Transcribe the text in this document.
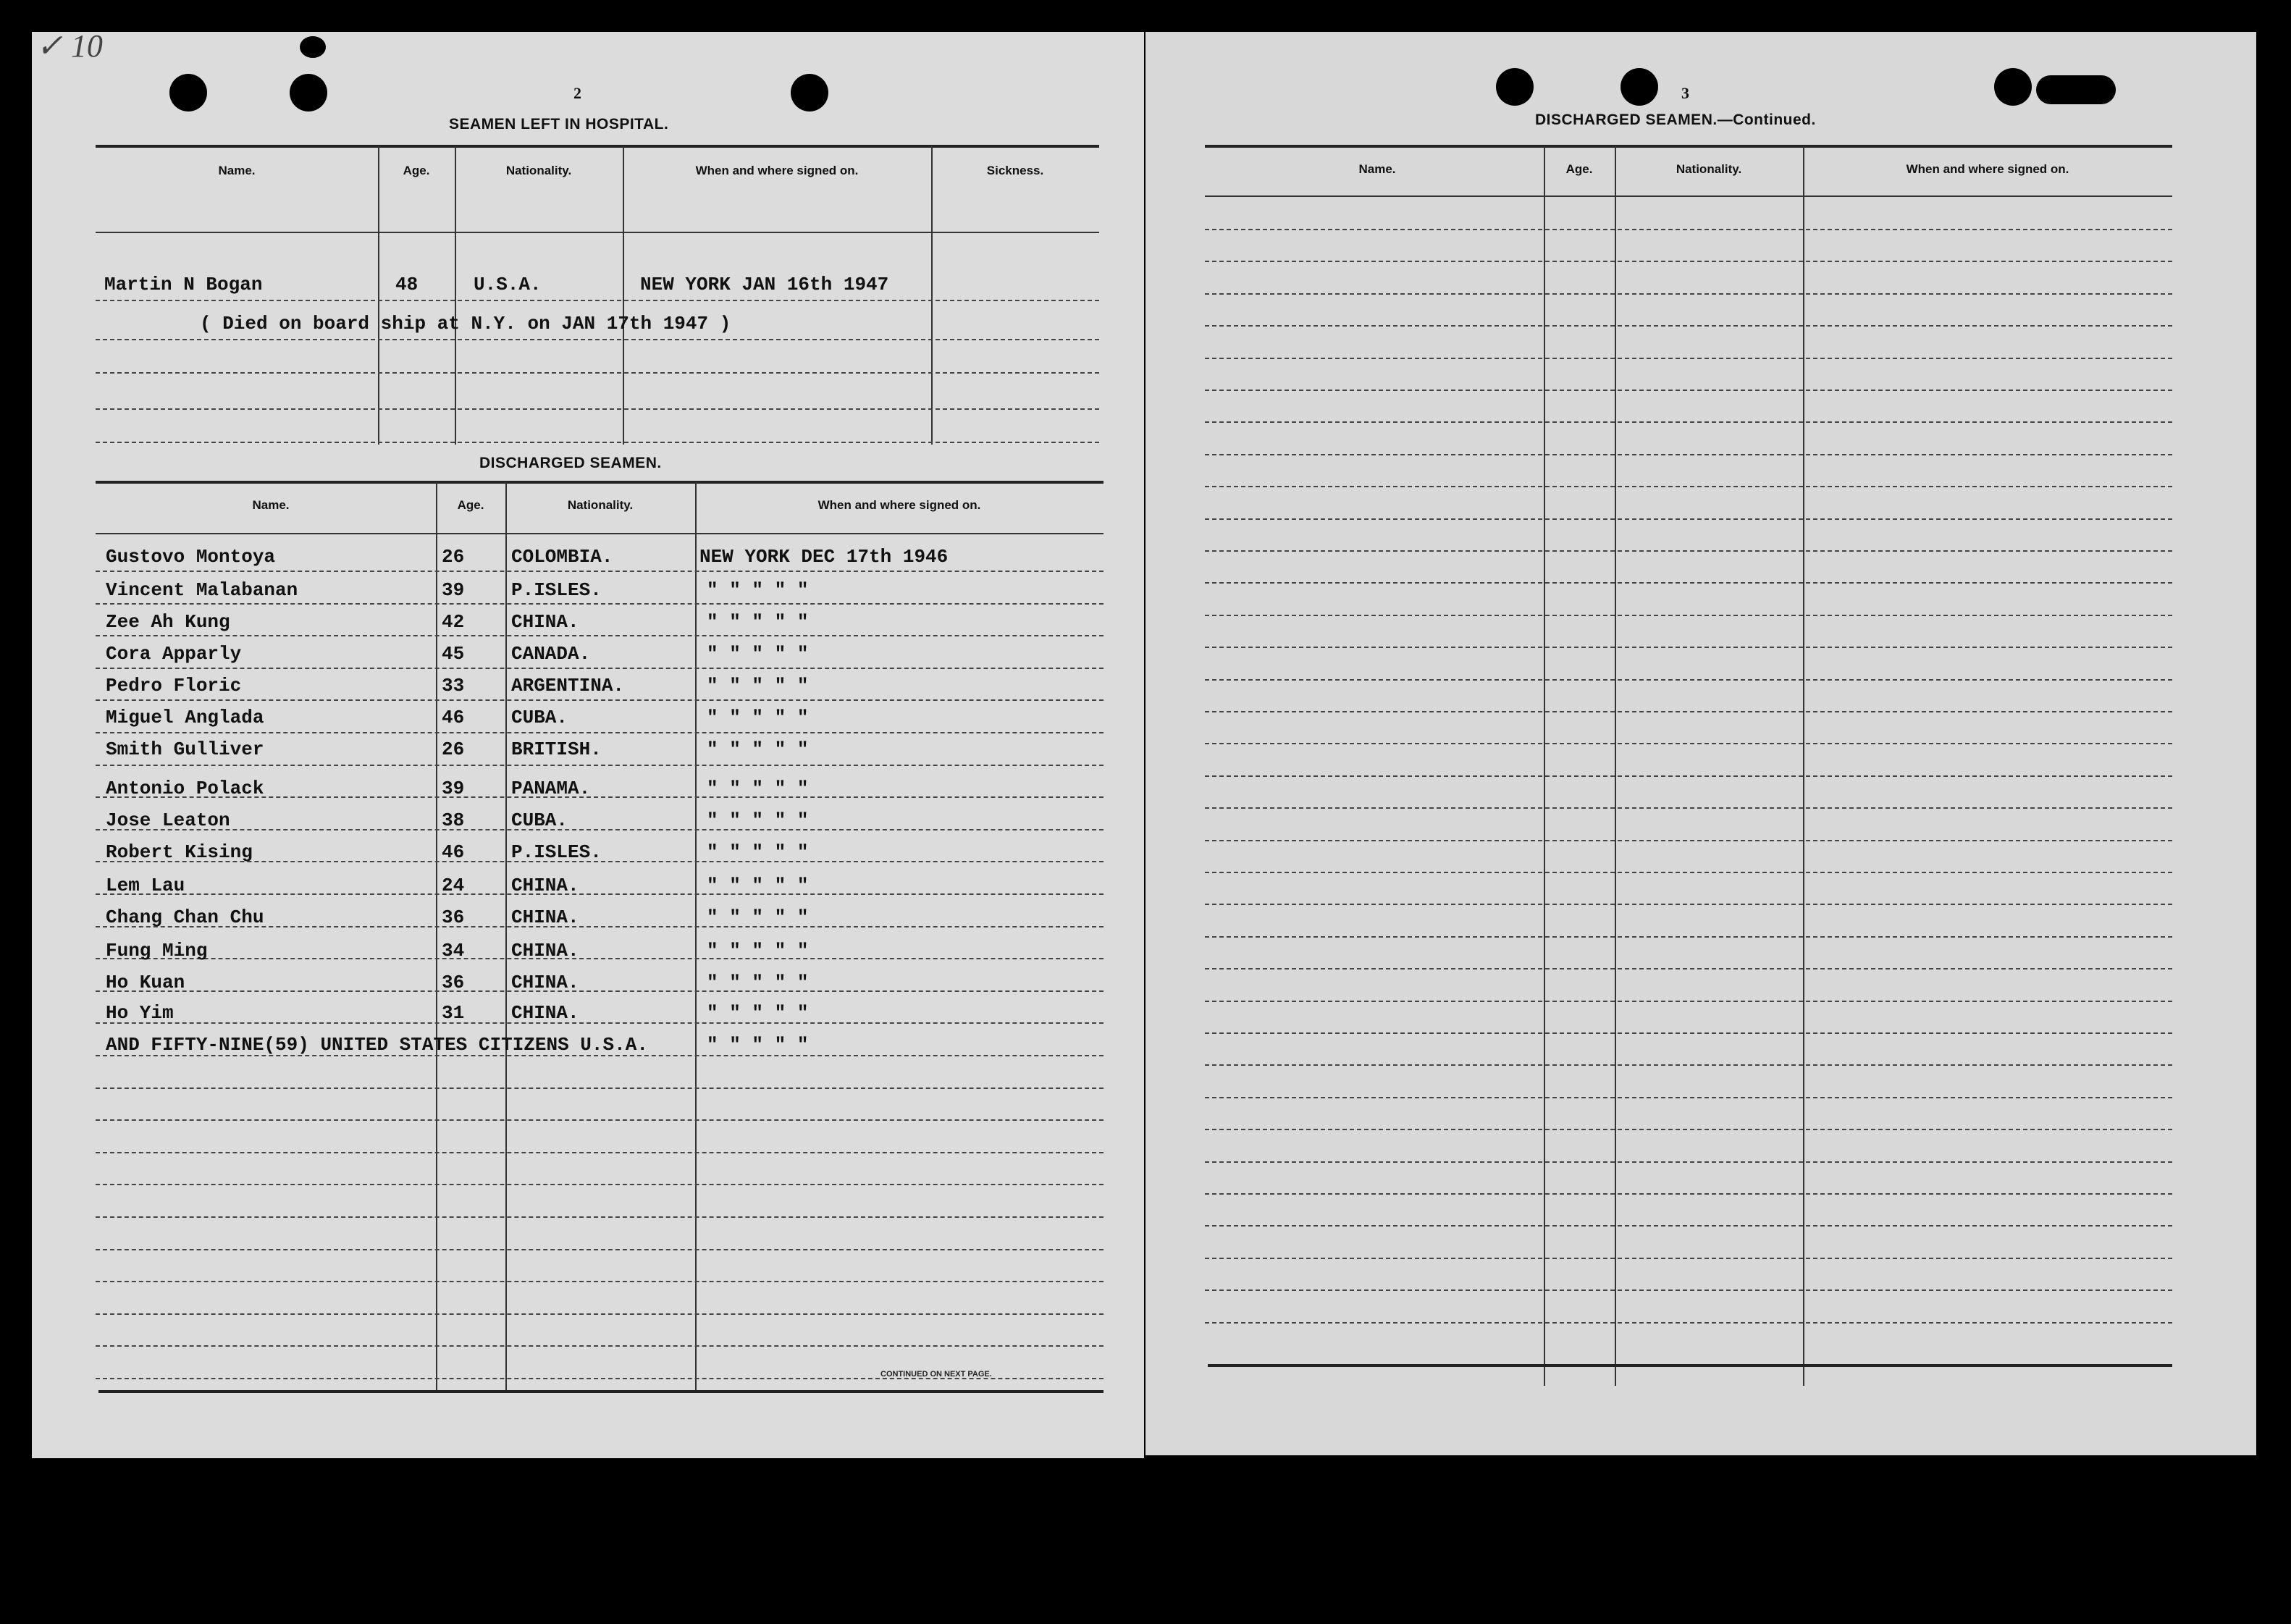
✓ 10
2
SEAMEN LEFT IN HOSPITAL.
Name.	Age.	Nationality.	When and where signed on.	Sickness.
Martin N Bogan	48	U.S.A.	NEW YORK JAN 16th 1947
( Died on board ship at N.Y. on JAN 17th 1947 )
DISCHARGED SEAMEN.
Name.	Age.	Nationality.	When and where signed on.
Gustovo Montoya	26 COLOMBIA.	NEW YORK DEC 17th 1946
Vincent Malabanan	39 P.ISLES.	" " " " "
Zee Ah Kung	42 CHINA.	" " " " "
Cora Apparly	45 CANADA.	" " " " "
Pedro Floric	33 ARGENTINA.	" " " " "
Miguel Anglada	46 CUBA.	" " " " "
Smith Gulliver	26 BRITISH.	" " " " "
Antonio Polack	39 PANAMA.	" " " " "
Jose Leaton	38 CUBA.	" " " " "
Robert Kising	46 P.ISLES.	" " " " "
Lem Lau	24 CHINA.	" " " " "
Chang Chan Chu	36 CHINA.	" " " " "
Fung Ming	34 CHINA.	" " " " "
Ho Kuan	36 CHINA.	" " " " "
Ho Yim	31 CHINA.	" " " " "
AND FIFTY-NINE(59) UNITED STATES CITIZENS U.S.A.	" " " " "
CONTINUED ON NEXT PAGE.
3
DISCHARGED SEAMEN.—Continued.
Name.	Age.	Nationality.	When and where signed on.
